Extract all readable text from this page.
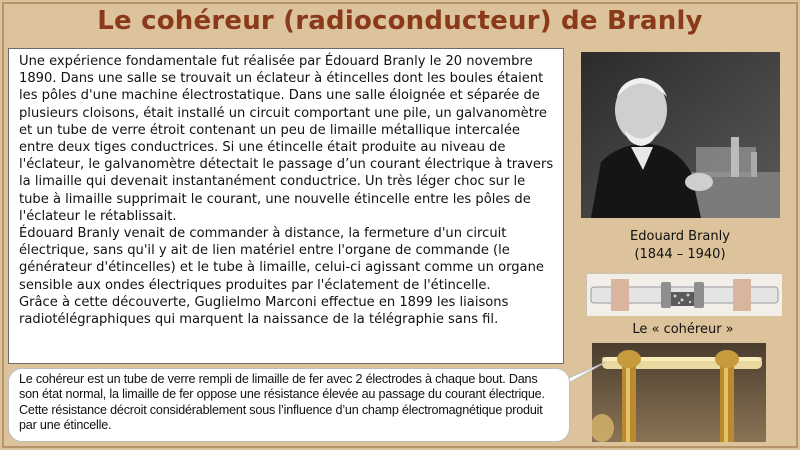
Le cohéreur (radioconducteur) de Branly

Une expérience fondamentale fut réalisée par Édouard Branly le 20 novembre 1890. Dans une salle se trouvait un éclateur à étincelles dont les boules étaient les pôles d'une machine électrostatique. Dans une salle éloignée et séparée de plusieurs cloisons, était installé un circuit comportant une pile, un galvanomètre et un tube de verre étroit contenant un peu de limaille métallique intercalée entre deux tiges conductrices. Si une étincelle était produite au niveau de l'éclateur, le galvanomètre détectait le passage d’un courant électrique à travers la limaille qui devenait instantanément conductrice. Un très léger choc sur le tube à limaille supprimait le courant, une nouvelle étincelle entre les pôles de l'éclateur le rétablissait.

Édouard Branly venait de commander à distance, la fermeture d'un circuit électrique, sans qu'il y ait de lien matériel entre l'organe de commande (le générateur d'étincelles) et le tube à limaille, celui-ci agissant comme un organe sensible aux ondes électriques produites par l'éclatement de l'étincelle.

Grâce à cette découverte, Guglielmo Marconi effectue en 1899 les liaisons radiotélégraphiques qui marquent la naissance de la télégraphie sans fil.

Edouard Branly
(1844 – 1940)
Le « cohéreur »
Le cohéreur est un tube de verre rempli de limaille de fer avec 2 électrodes à chaque bout. Dans son état normal, la limaille de fer oppose une résistance élevée au passage du courant électrique. Cette résistance décroit considérablement sous l’influence d’un champ électromagnétique produit par une étincelle.
